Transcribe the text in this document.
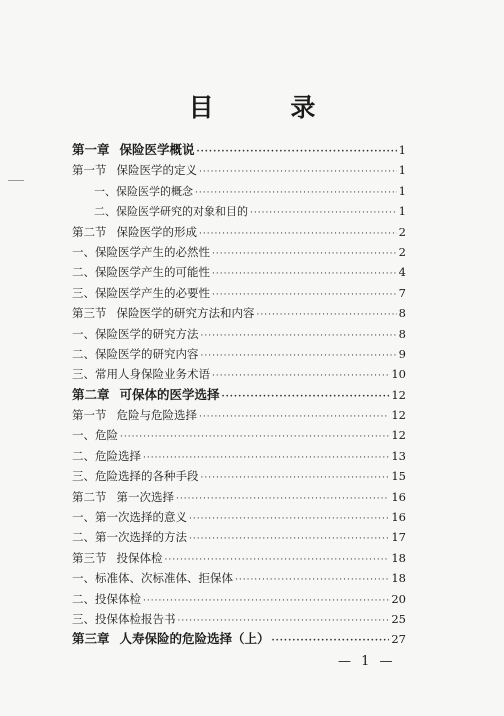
目 录
第一章 保险医学概说 ·····	1
第一节 保险医学的定义 ·····	1
一、保险医学的概念 ·····	1
二、保险医学研究的对象和目的 ·····	1
第二节 保险医学的形成 ·····	2
一、保险医学产生的必然性 ·····	2
二、保险医学产生的可能性 ·····	4
三、保险医学产生的必要性 ·····	7
第三节 保险医学的研究方法和内容 ·····	8
一、保险医学的研究方法 ·····	8
二、保险医学的研究内容 ·····	9
三、常用人身保险业务术语 ·····	10
第二章 可保体的医学选择 ·····	12
第一节 危险与危险选择 ·····	12
一、危险 ·····	12
二、危险选择 ·····	13
三、危险选择的各种手段 ·····	15
第二节 第一次选择 ·····	16
一、第一次选择的意义 ·····	16
二、第一次选择的方法 ·····	17
第三节 投保体检 ·····	18
一、标准体、次标准体、拒保体 ·····	18
二、投保体检 ·····	20
三、投保体检报告书 ·····	25
第三章 人寿保险的危险选择（上） ·····	27
— 1 —
